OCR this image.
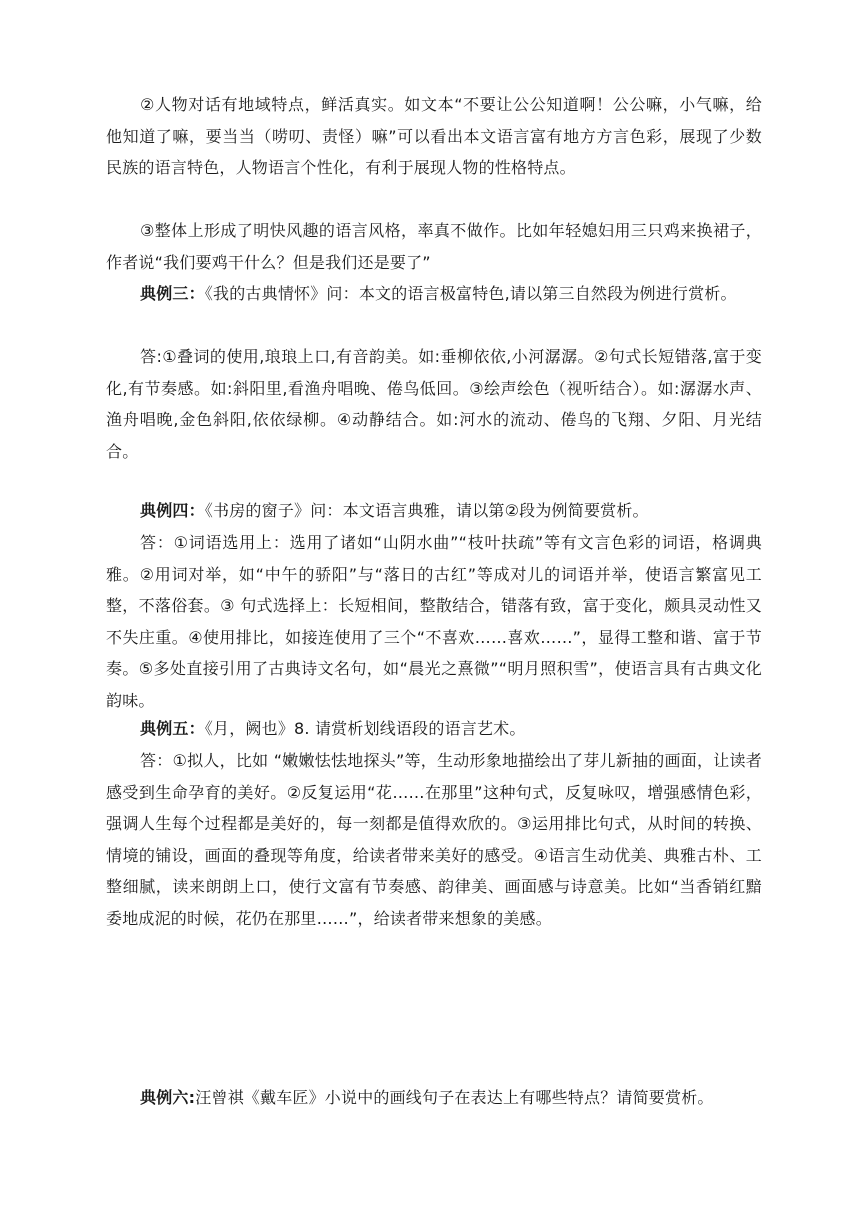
②人物对话有地域特点，鲜活真实。如文本“不要让公公知道啊！公公嘛，小气嘛，给他知道了嘛，要当当（唠叨、责怪）嘛”可以看出本文语言富有地方方言色彩，展现了少数民族的语言特色，人物语言个性化，有利于展现人物的性格特点。

③整体上形成了明快风趣的语言风格，率真不做作。比如年轻媳妇用三只鸡来换裙子，作者说“我们要鸡干什么？但是我们还是要了”

典例三：《我的古典情怀》问：本文的语言极富特色,请以第三自然段为例进行赏析。

答:①叠词的使用,琅琅上口,有音韵美。如:垂柳依依,小河潺潺。②句式长短错落,富于变化,有节奏感。如:斜阳里,看渔舟唱晚、倦鸟低回。③绘声绘色（视听结合）。如:潺潺水声、渔舟唱晚,金色斜阳,依依绿柳。④动静结合。如:河水的流动、倦鸟的飞翔、夕阳、月光结合。

典例四：《书房的窗子》问：本文语言典雅，请以第②段为例简要赏析。

答：①词语选用上：选用了诸如“山阴水曲”“枝叶扶疏”等有文言色彩的词语，格调典雅。②用词对举，如“中午的骄阳”与“落日的古红”等成对儿的词语并举，使语言繁富见工整，不落俗套。③ 句式选择上：长短相间，整散结合，错落有致，富于变化，颇具灵动性又不失庄重。④使用排比，如接连使用了三个“不喜欢……喜欢……”，显得工整和谐、富于节奏。⑤多处直接引用了古典诗文名句，如“晨光之熹微”“明月照积雪”，使语言具有古典文化韵味。

典例五：《月，阙也》8. 请赏析划线语段的语言艺术。

答：①拟人，比如 “嫩嫩怯怯地探头”等，生动形象地描绘出了芽儿新抽的画面，让读者感受到生命孕育的美好。②反复运用“花……在那里”这种句式，反复咏叹，增强感情色彩，强调人生每个过程都是美好的，每一刻都是值得欢欣的。③运用排比句式，从时间的转换、情境的铺设，画面的叠现等角度，给读者带来美好的感受。④语言生动优美、典雅古朴、工整细腻，读来朗朗上口，使行文富有节奏感、韵律美、画面感与诗意美。比如“当香销红黯委地成泥的时候，花仍在那里……”，给读者带来想象的美感。

典例六:汪曾祺《戴车匠》小说中的画线句子在表达上有哪些特点？请简要赏析。
